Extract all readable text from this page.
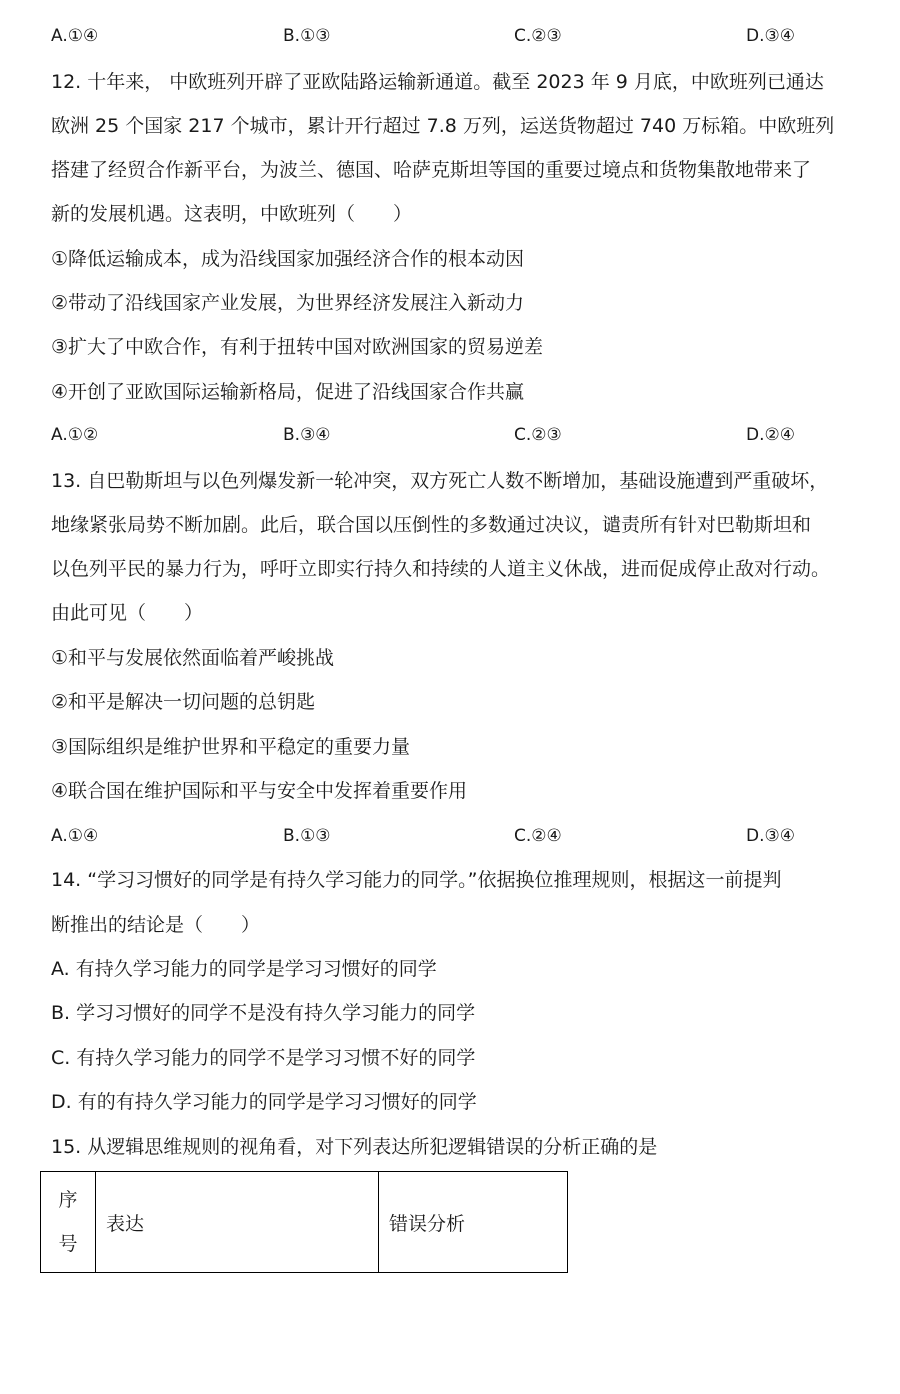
A.①④	B.①③	C.②③	D.③④
12. 十年来， 中欧班列开辟了亚欧陆路运输新通道。截至 2023 年 9 月底，中欧班列已通达
欧洲 25 个国家 217 个城市，累计开行超过 7.8 万列，运送货物超过 740 万标箱。中欧班列
搭建了经贸合作新平台，为波兰、德国、哈萨克斯坦等国的重要过境点和货物集散地带来了
新的发展机遇。这表明，中欧班列（　　）
①降低运输成本，成为沿线国家加强经济合作的根本动因
②带动了沿线国家产业发展，为世界经济发展注入新动力
③扩大了中欧合作，有利于扭转中国对欧洲国家的贸易逆差
④开创了亚欧国际运输新格局，促进了沿线国家合作共赢
A.①②	B.③④	C.②③	D.②④
13. 自巴勒斯坦与以色列爆发新一轮冲突，双方死亡人数不断增加，基础设施遭到严重破坏，
地缘紧张局势不断加剧。此后，联合国以压倒性的多数通过决议，谴责所有针对巴勒斯坦和
以色列平民的暴力行为，呼吁立即实行持久和持续的人道主义休战，进而促成停止敌对行动。
由此可见（　　）
①和平与发展依然面临着严峻挑战
②和平是解决一切问题的总钥匙
③国际组织是维护世界和平稳定的重要力量
④联合国在维护国际和平与安全中发挥着重要作用
A.①④	B.①③	C.②④	D.③④
14. “学习习惯好的同学是有持久学习能力的同学。”依据换位推理规则，根据这一前提判
断推出的结论是（　　）
A. 有持久学习能力的同学是学习习惯好的同学
B. 学习习惯好的同学不是没有持久学习能力的同学
C. 有持久学习能力的同学不是学习习惯不好的同学
D. 有的有持久学习能力的同学是学习习惯好的同学
15. 从逻辑思维规则的视角看，对下列表达所犯逻辑错误的分析正确的是
序
号
	表达	错误分析
